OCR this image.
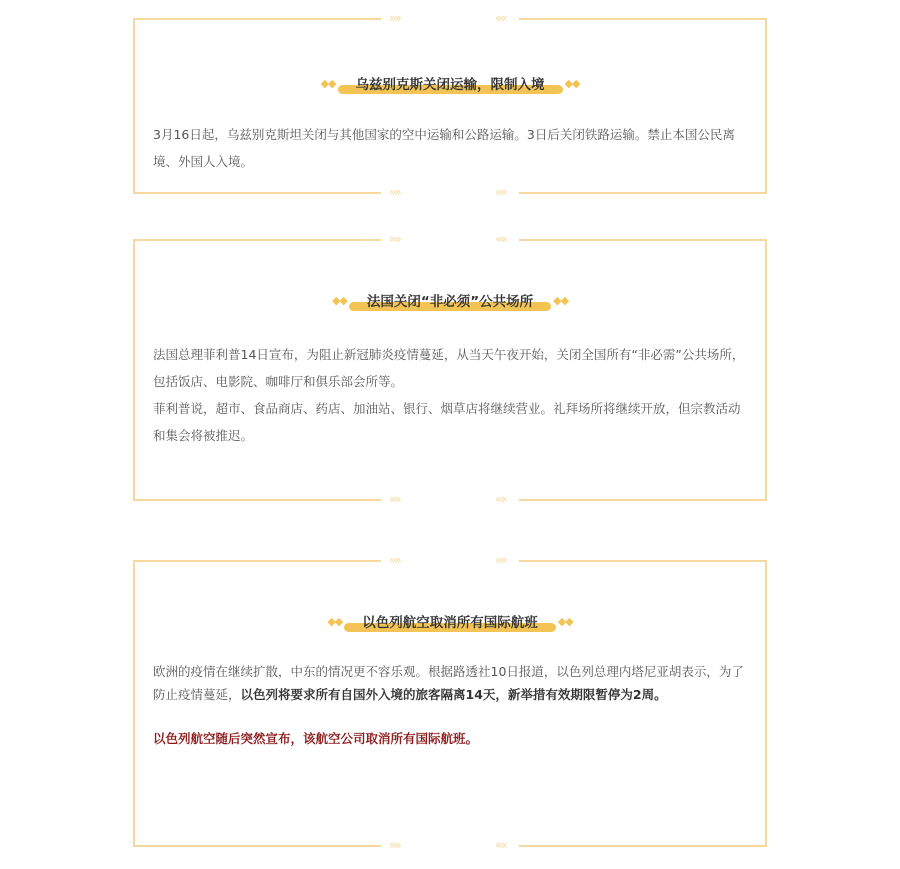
»»	««
◆◆	乌兹别克斯关闭运输，限制入境	◆◆

3月16日起，乌兹别克斯坦关闭与其他国家的空中运输和公路运输。3日后关闭铁路运输。禁止本国公民离境、外国人入境。

»»	««
»»	««
◆◆	法国关闭“非必须”公共场所	◆◆

法国总理菲利普14日宣布，为阻止新冠肺炎疫情蔓延，从当天午夜开始，关闭全国所有“非必需”公共场所，包括饭店、电影院、咖啡厅和俱乐部会所等。

菲利普说，超市、食品商店、药店、加油站、银行、烟草店将继续营业。礼拜场所将继续开放，但宗教活动和集会将被推迟。

»»	««
»»	««
◆◆	以色列航空取消所有国际航班	◆◆

欧洲的疫情在继续扩散，中东的情况更不容乐观。根据路透社10日报道，以色列总理内塔尼亚胡表示，为了防止疫情蔓延，以色列将要求所有自国外入境的旅客隔离14天，新举措有效期限暂停为2周。

以色列航空随后突然宣布，该航空公司取消所有国际航班。

»»	««
